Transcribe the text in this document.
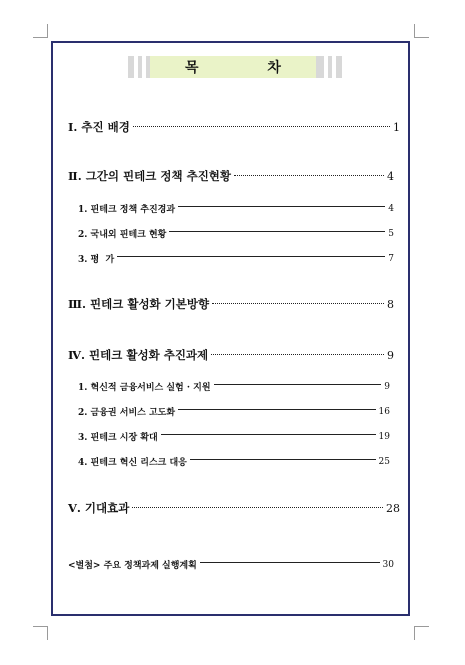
목 차
Ⅰ. 추진 배경	1
Ⅱ. 그간의 핀테크 정책 추진현황	4
1. 핀테크 정책 추진경과	4
2. 국내외 핀테크 현황	5
3. 평  가	7
Ⅲ. 핀테크 활성화 기본방향	8
Ⅳ. 핀테크 활성화 추진과제	9
1. 혁신적 금융서비스 실험 · 지원	9
2. 금융권 서비스 고도화	16
3. 핀테크 시장 확대	19
4. 핀테크 혁신 리스크 대응	25
Ⅴ. 기대효과	28
<별첨> 주요 정책과제 실행계획	30
